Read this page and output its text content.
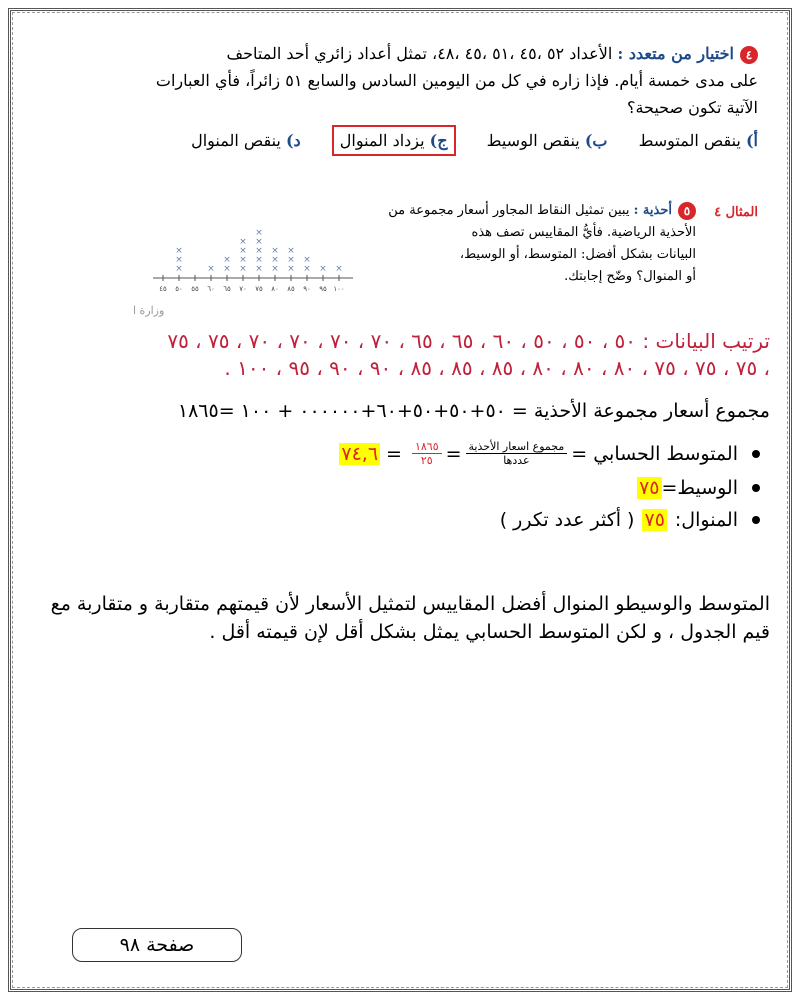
٤اختيار من متعدد : الأعداد ٥٢ ،٤٥ ،٥١ ،٤٥ ،٤٨، تمثل أعداد زائري أحد المتاحف
على مدى خمسة أيام. فإذا زاره في كل من اليومين السادس والسابع ٥١ زائراً، فأي العبارات
الآتية تكون صحيحة؟
أ) ينقص المتوسط ب) ينقص الوسيط ج) يزداد المنوال د) ينقص المنوال
المثال ٤
٥أحذية : يبين تمثيل النقاط المجاور أسعار مجموعة من
الأحذية الرياضية. فأيُّ المقاييس تصف هذه
البيانات بشكل أفضل: المتوسط، أو الوسيط،
أو المنوال؟ وضّح إجابتك.
٤٥ ٥٠
×
×
×
٥٥ ٦٠
×
٦٥
×
×
٧٠
×
×
×
×
٧٥
×
×
×
×
×
٨٠
×
×
×
٨٥
×
×
×
٩٠
×
×
٩٥
×
١٠٠
×
وزارة ا
ترتيب البيانات : ٥٠ ، ٥٠ ، ٥٠ ، ٦٠ ، ٦٥ ، ٦٥ ، ٧٠ ، ٧٠ ، ٧٠ ، ٧٠ ، ٧٥ ، ٧٥
، ٧٥ ، ٧٥ ، ٧٥ ، ٨٠ ، ٨٠ ، ٨٠ ، ٨٥ ، ٨٥ ، ٨٥ ، ٩٠ ، ٩٠ ، ٩٥ ، ١٠٠ .
مجموع أسعار مجموعة الأحذية = ٥٠+٥٠+٥٠+٦٠+٠٠٠٠٠٠ + ١٠٠ =١٨٦٥
المتوسط الحسابي =
$\frac{\text{مجموع اسعار الأحذية}}{\text{عددها}}$
=
$\frac{١٨٦٥}{٢٥}$
=
٧٤,٦
الوسيط=
٧٥
المنوال:
٧٥
( أكثر عدد تكرر )
المتوسط والوسيطو المنوال أفضل المقاييس لتمثيل الأسعار لأن قيمتهم متقاربة و متقاربة مع قيم الجدول ، و لكن المتوسط الحسابي يمثل بشكل أقل لإن قيمته أقل .
صفحة ٩٨
